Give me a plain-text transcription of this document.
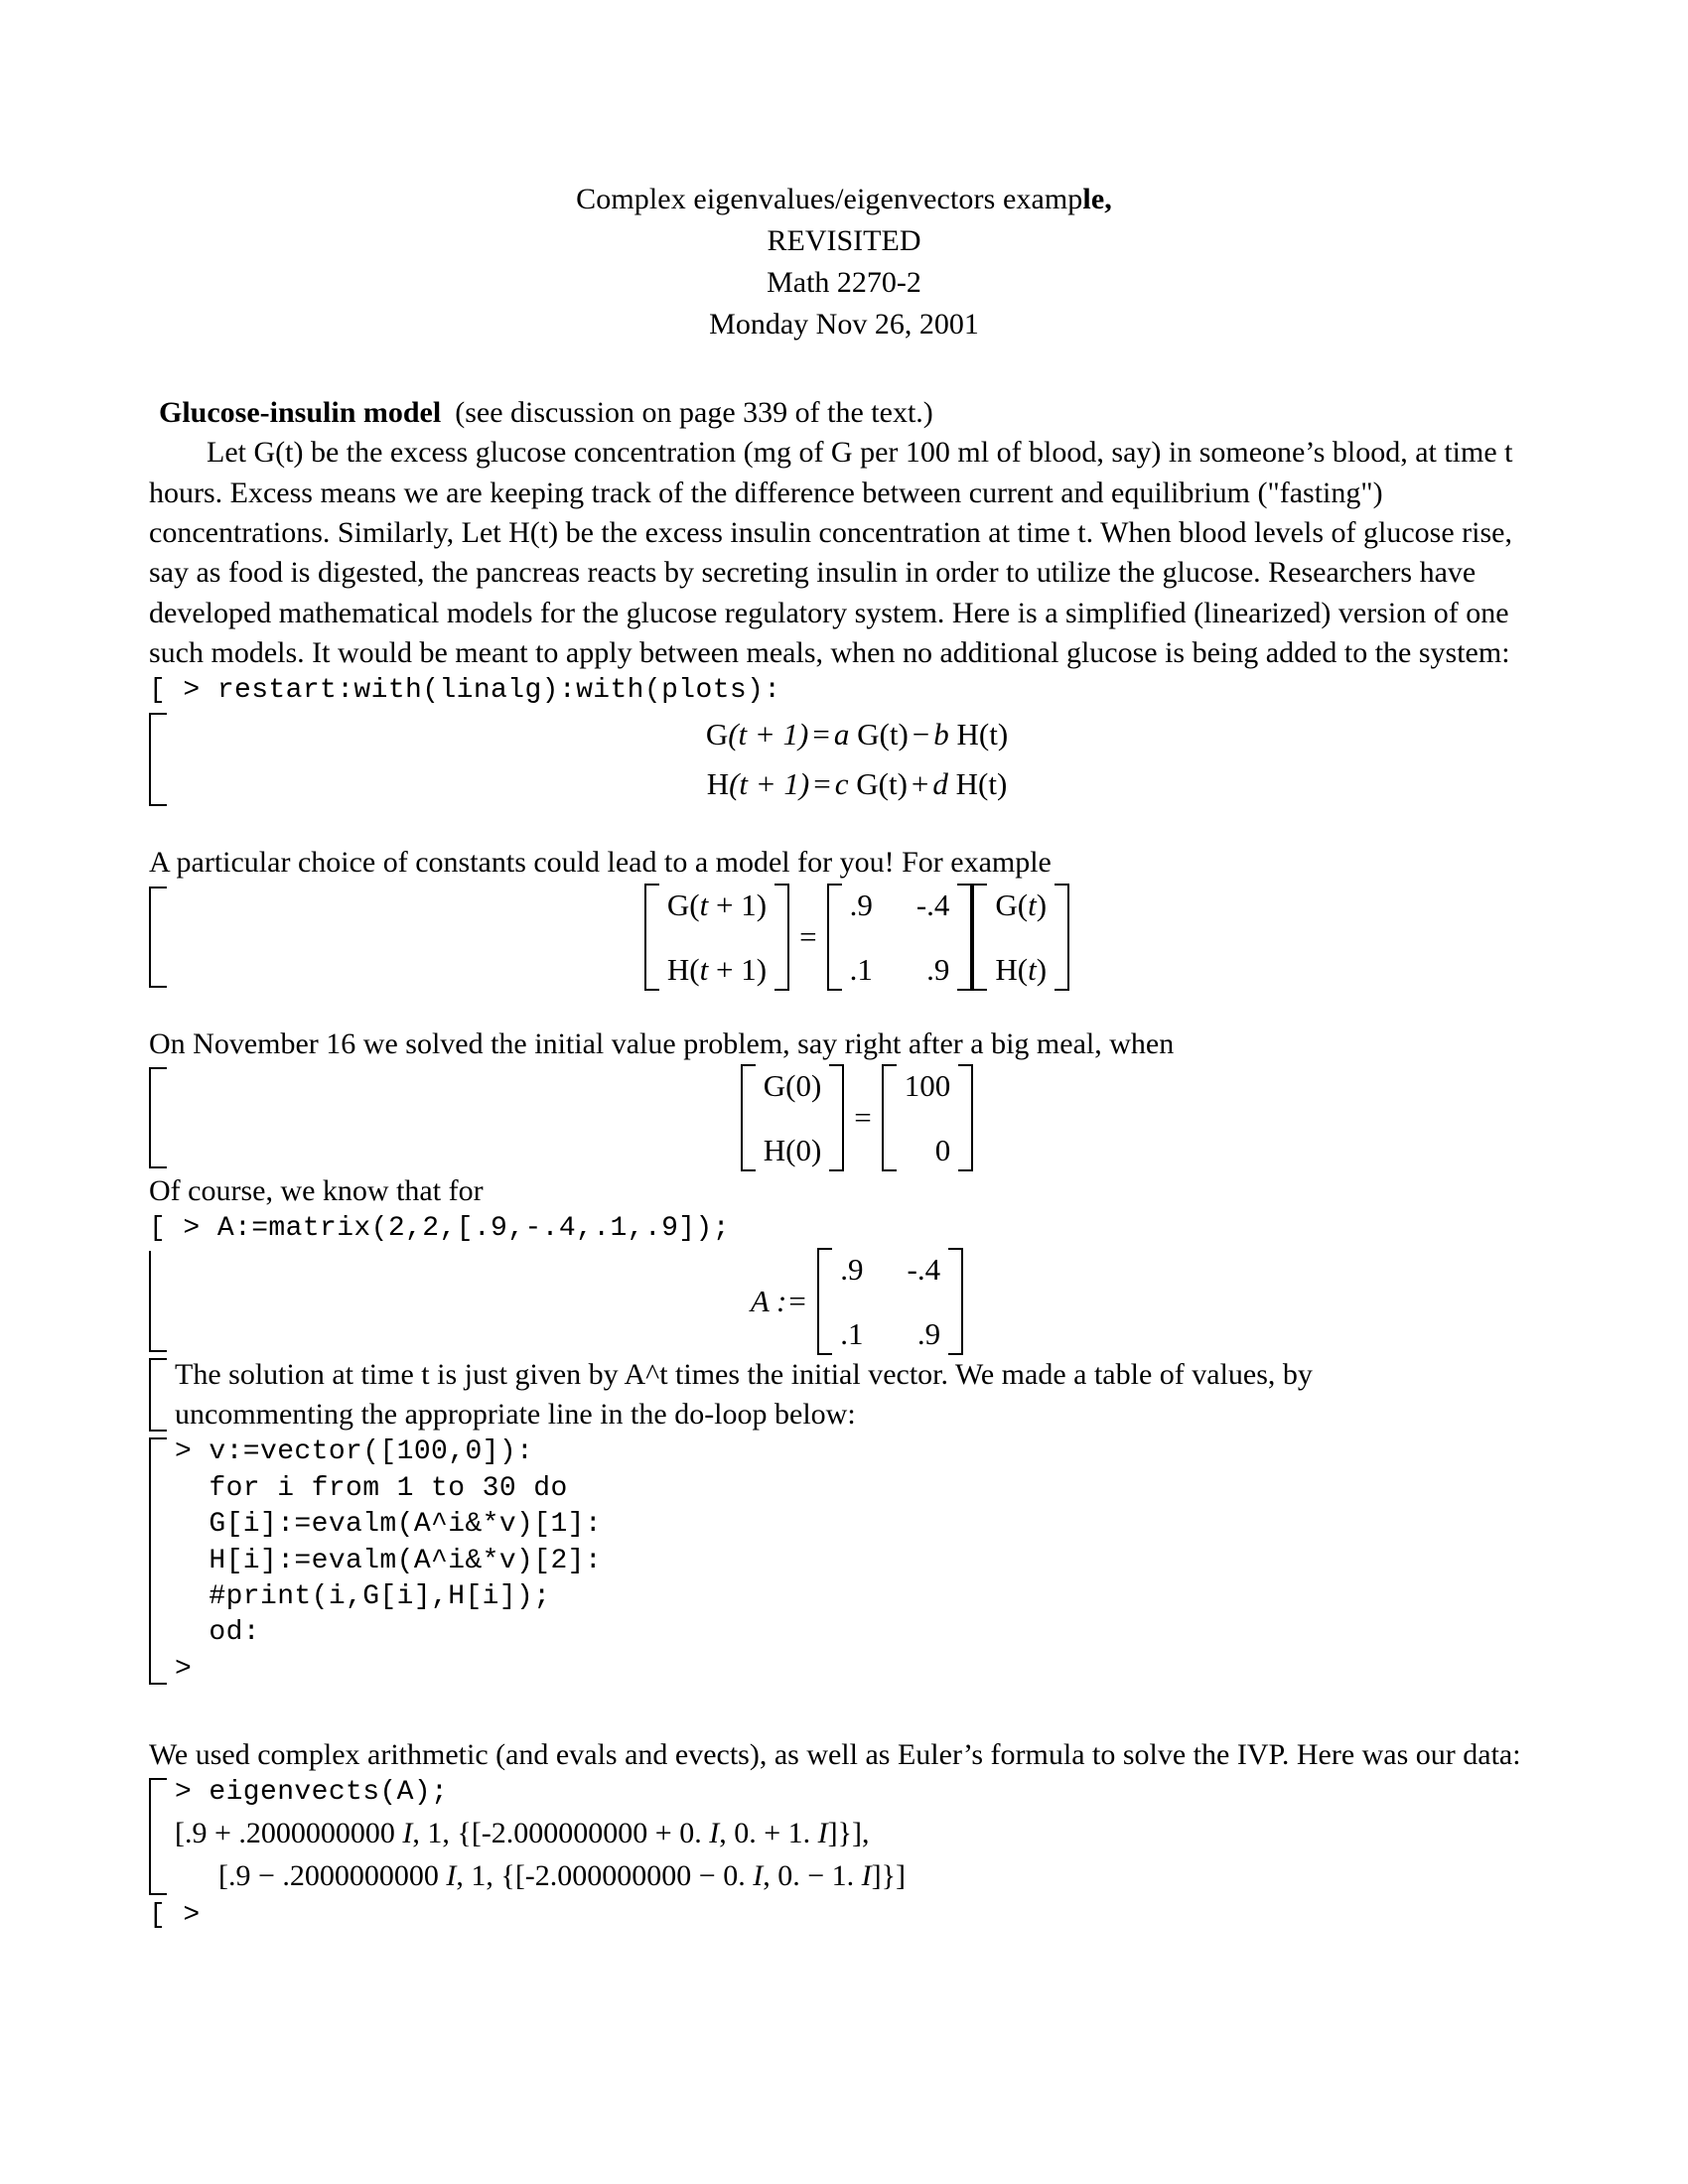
Complex eigenvalues/eigenvectors example,
REVISITED
Math 2270-2
Monday Nov 26, 2001

Glucose-insulin model (see discussion on page 339 of the text.)

Let G(t) be the excess glucose concentration (mg of G per 100 ml of blood, say) in someone’s blood, at time t hours. Excess means we are keeping track of the difference between current and equilibrium ("fasting") concentrations. Similarly, Let H(t) be the excess insulin concentration at time t. When blood levels of glucose rise, say as food is digested, the pancreas reacts by secreting insulin in order to utilize the glucose. Researchers have developed mathematical models for the glucose regulatory system. Here is a simplified (linearized) version of one such models. It would be meant to apply between meals, when no additional glucose is being added to the system:

[ > restart:with(linalg):with(plots):
G(t + 1) = a G(t) − b H(t)
H(t + 1) = c G(t) + d H(t)

A particular choice of constants could lead to a model for you! For example

G(t + 1)
H(t + 1)
=
.9 -.4
.1	.9
G(t)
H(t)

On November 16 we solved the initial value problem, say right after a big meal, when

G(0)
H(0)
=
100
0

Of course, we know that for

[ > A:=matrix(2,2,[.9,-.4,.1,.9]);
A :=
.9 -.4
.1	.9
The solution at time t is just given by A^t times the initial vector. We made a table of values, by
uncommenting the appropriate line in the do-loop below:
> v:=vector([100,0]):
for i from 1 to 30 do
G[i]:=evalm(A^i&*v)[1]:
H[i]:=evalm(A^i&*v)[2]:
#print(i,G[i],H[i]);
od:
>

We used complex arithmetic (and evals and evects), as well as Euler’s formula to solve the IVP. Here was our data:

> eigenvects(A);
[.9 + .2000000000 I, 1, {[-2.000000000 + 0. I, 0. + 1. I]}],
[.9 − .2000000000 I, 1, {[-2.000000000 − 0. I, 0. − 1. I]}]
[ >
